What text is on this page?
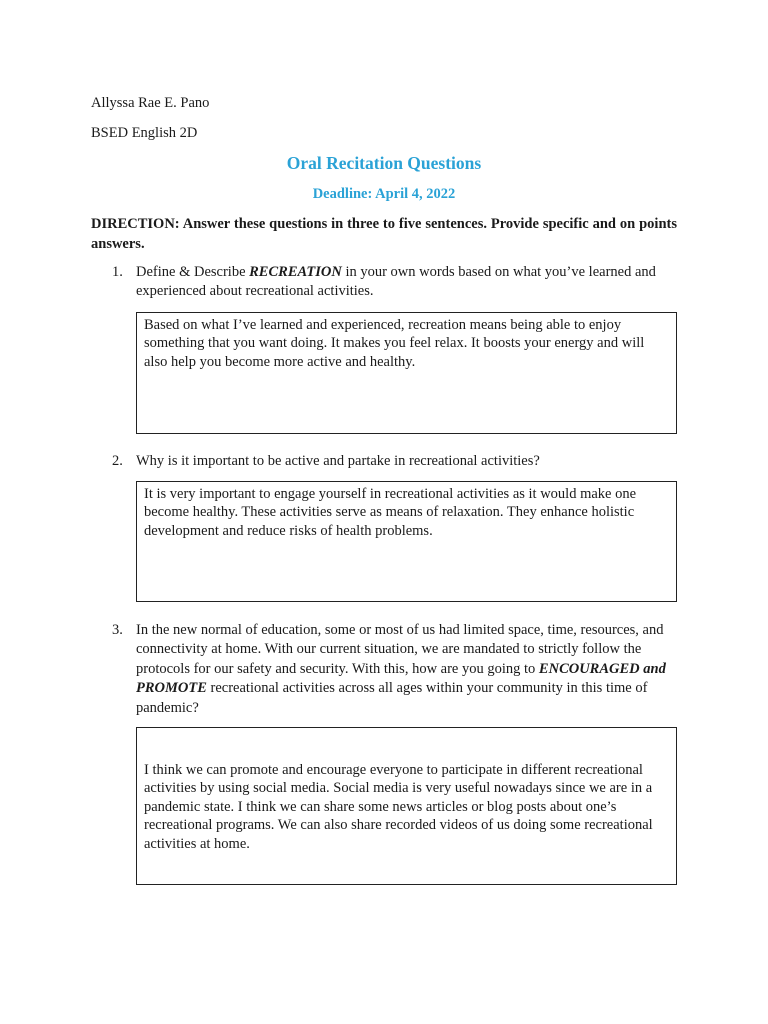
Allyssa Rae E. Pano
BSED English 2D
Oral Recitation Questions
Deadline: April 4, 2022
DIRECTION: Answer these questions in three to five sentences. Provide specific and on points answers.
1. Define & Describe RECREATION in your own words based on what you’ve learned and experienced about recreational activities.
Based on what I’ve learned and experienced, recreation means being able to enjoy something that you want doing. It makes you feel relax. It boosts your energy and will also help you become more active and healthy.
2. Why is it important to be active and partake in recreational activities?
It is very important to engage yourself in recreational activities as it would make one become healthy. These activities serve as means of relaxation. They enhance holistic development and reduce risks of health problems.
3. In the new normal of education, some or most of us had limited space, time, resources, and connectivity at home. With our current situation, we are mandated to strictly follow the protocols for our safety and security. With this, how are you going to ENCOURAGED and PROMOTE recreational activities across all ages within your community in this time of pandemic?
I think we can promote and encourage everyone to participate in different recreational activities by using social media. Social media is very useful nowadays since we are in a pandemic state. I think we can share some news articles or blog posts about one’s recreational programs. We can also share recorded videos of us doing some recreational activities at home.
